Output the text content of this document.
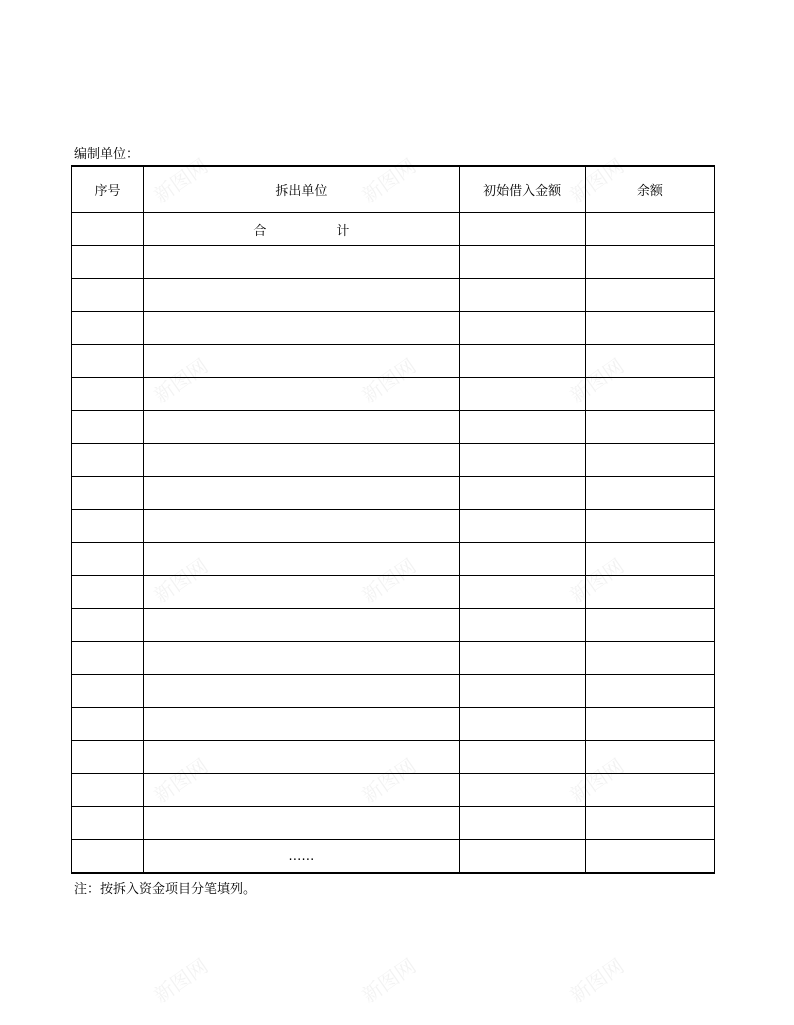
编制单位：
序号	拆出单位	初始借入金额	余额
	合 计		

	……		
注：按拆入资金项目分笔填列。
新图网	新图网	新图网
新图网	新图网	新图网
新图网	新图网	新图网
新图网	新图网	新图网
新图网	新图网	新图网
